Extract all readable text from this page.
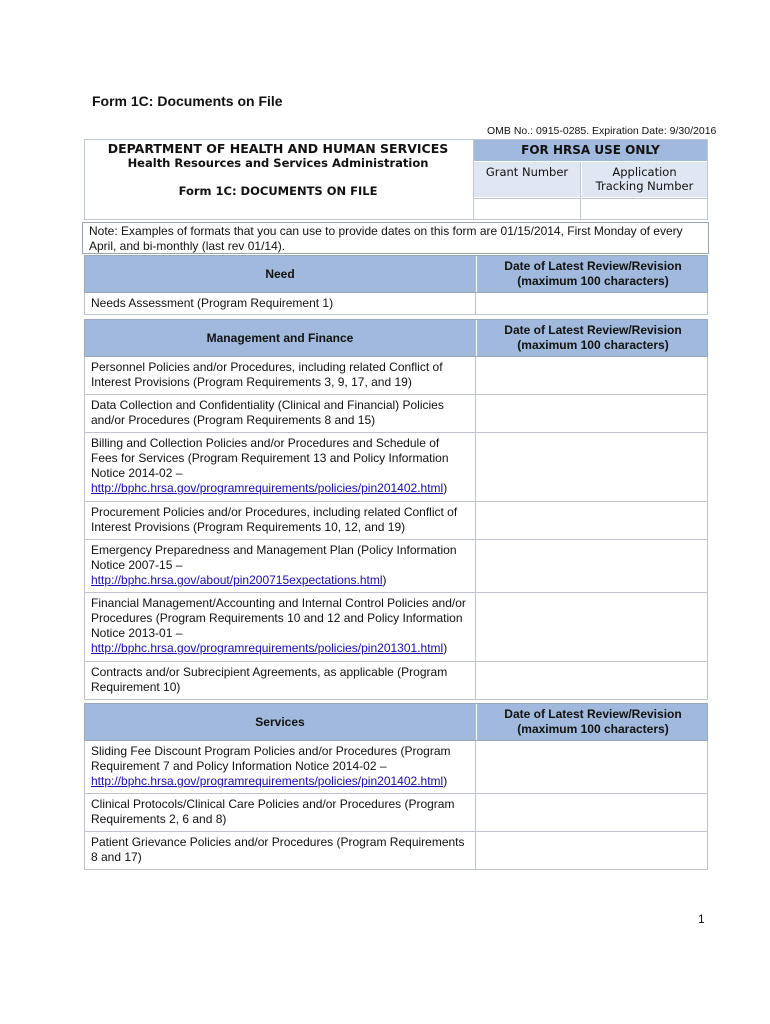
Form 1C: Documents on File
OMB No.: 0915-0285. Expiration Date: 9/30/2016
DEPARTMENT OF HEALTH AND HUMAN SERVICES
Health Resources and Services Administration
Form 1C: DOCUMENTS ON FILE
FOR HRSA USE ONLY
Grant Number	Application
Tracking Number
Note: Examples of formats that you can use to provide dates on this form are 01/15/2014, First Monday of every April, and bi-monthly (last rev 01/14).
Need
Date of Latest Review/Revision
(maximum 100 characters)
Needs Assessment (Program Requirement 1)
Management and Finance
Date of Latest Review/Revision
(maximum 100 characters)
Personnel Policies and/or Procedures, including related Conflict of Interest Provisions (Program Requirements 3, 9, 17, and 19)
Data Collection and Confidentiality (Clinical and Financial) Policies and/or Procedures (Program Requirements 8 and 15)
Billing and Collection Policies and/or Procedures and Schedule of Fees for Services (Program Requirement 13 and Policy Information Notice 2014-02 – http://bphc.hrsa.gov/programrequirements/policies/pin201402.html)
Procurement Policies and/or Procedures, including related Conflict of Interest Provisions (Program Requirements 10, 12, and 19)
Emergency Preparedness and Management Plan (Policy Information Notice 2007-15 – http://bphc.hrsa.gov/about/pin200715expectations.html)
Financial Management/Accounting and Internal Control Policies and/or Procedures (Program Requirements 10 and 12 and Policy Information Notice 2013-01 – http://bphc.hrsa.gov/programrequirements/policies/pin201301.html)
Contracts and/or Subrecipient Agreements, as applicable (Program Requirement 10)
Services
Date of Latest Review/Revision
(maximum 100 characters)
Sliding Fee Discount Program Policies and/or Procedures (Program Requirement 7 and Policy Information Notice 2014-02 – http://bphc.hrsa.gov/programrequirements/policies/pin201402.html)
Clinical Protocols/Clinical Care Policies and/or Procedures (Program Requirements 2, 6 and 8)
Patient Grievance Policies and/or Procedures (Program Requirements 8 and 17)
1
